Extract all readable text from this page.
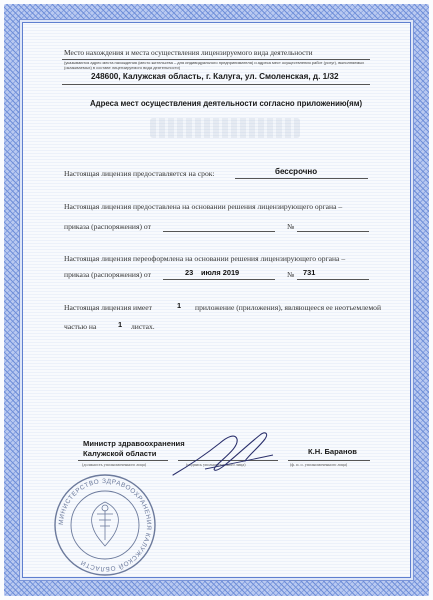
Место нахождения и места осуществления лицензируемого вида деятельности
(указываются адрес места нахождения (место жительства – для индивидуального предпринимателя) и адреса мест осуществления работ (услуг), выполняемых (оказываемых) в составе лицензируемого вида деятельности)
248600, Калужская область, г. Калуга, ул. Смоленская, д. 1/32
Адреса мест осуществления деятельности согласно приложению(ям)
Настоящая лицензия предоставляется на срок:	бессрочно
Настоящая лицензия предоставлена на основании решения лицензирующего органа –
приказа (распоряжения) от	№
Настоящая лицензия переоформлена на основании решения лицензирующего органа –
приказа (распоряжения) от	23 июля 2019	№ 731
Настоящая лицензия имеет	1 приложение (приложения), являющееся ее неотъемлемой
частью на	1 листах.
Министр здравоохранения
Калужской области	К.Н. Баранов
(должность уполномоченного лица)	(подпись уполномоченного лица)	(ф. и. о. уполномоченного лица)
МИНИСТЕРСТВО ЗДРАВООХРАНЕНИЯ КАЛУЖСКОЙ ОБЛАСТИ
